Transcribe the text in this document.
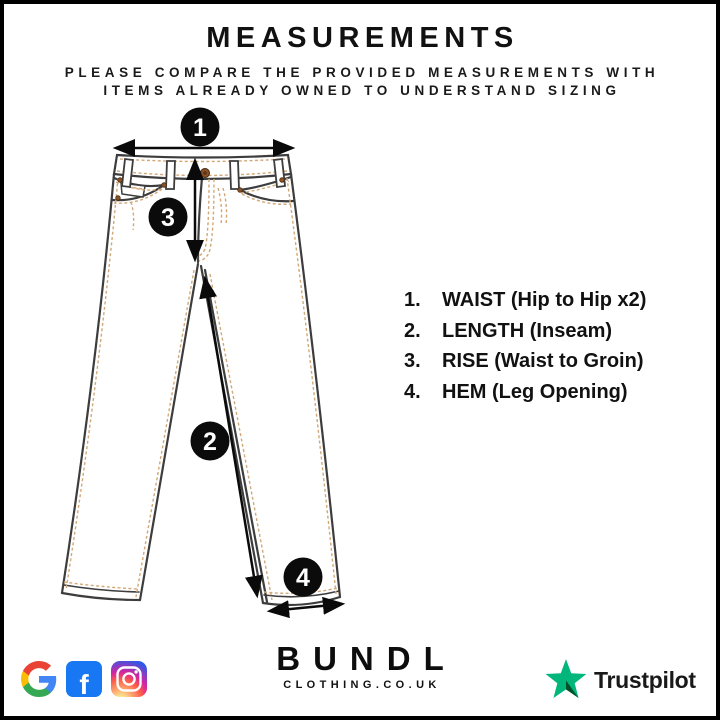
MEASUREMENTS
PLEASE COMPARE THE PROVIDED MEASUREMENTS WITH
ITEMS ALREADY OWNED TO UNDERSTAND SIZING
1
2
3
4
1.	WAIST (Hip to Hip x2)
2.	LENGTH (Inseam)
3.	RISE (Waist to Groin)
4.	HEM (Leg Opening)
f
BUNDL
CLOTHING.CO.UK	Trustpilot
